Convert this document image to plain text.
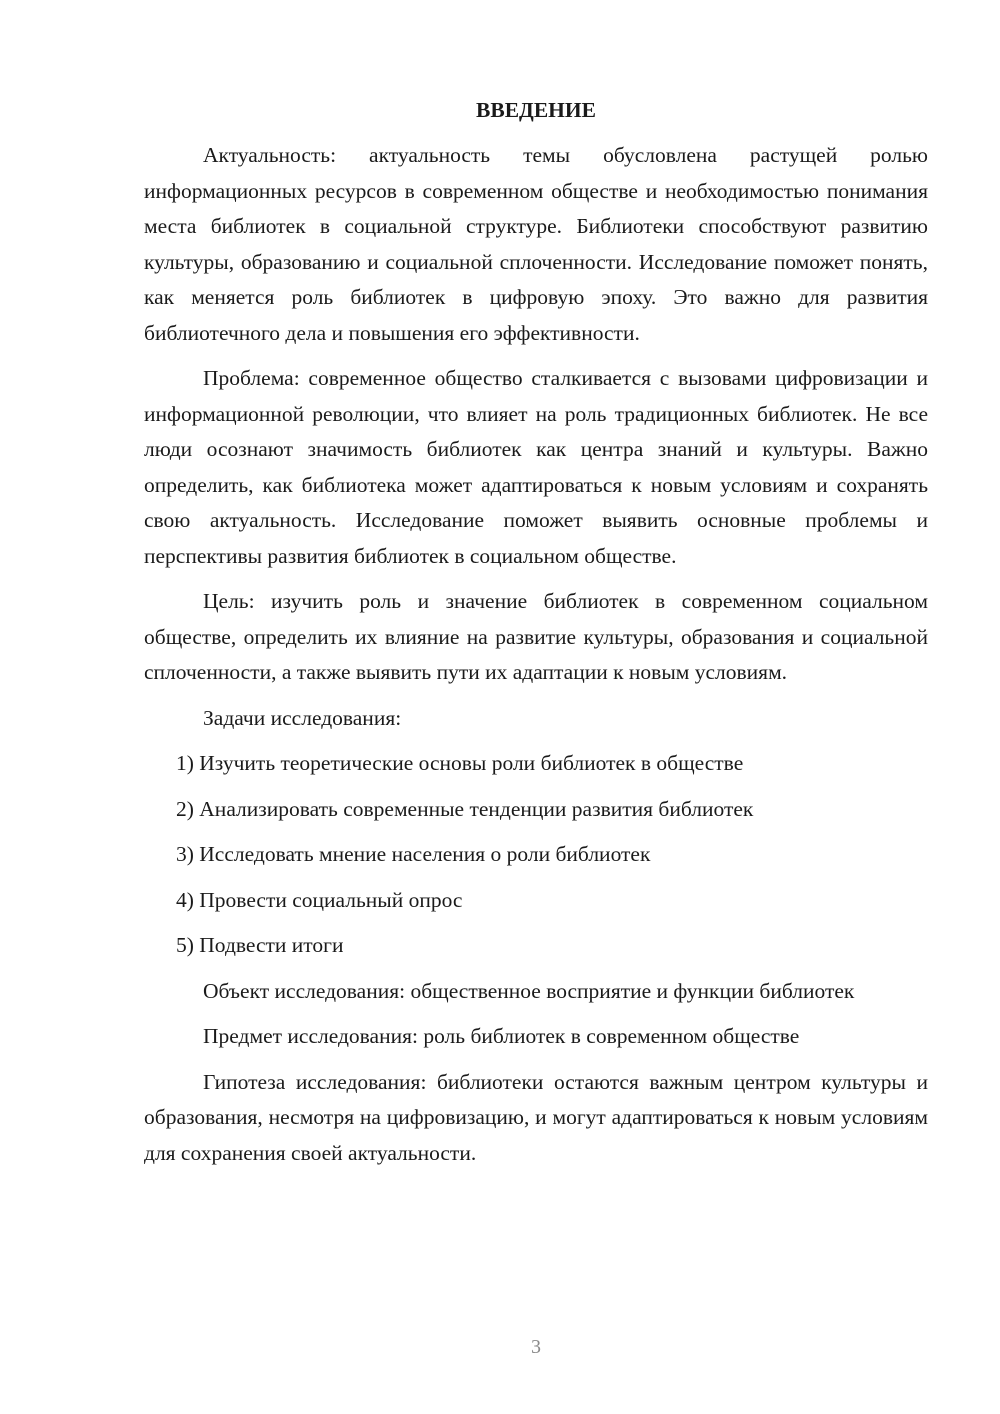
ВВЕДЕНИЕ

Актуальность: актуальность темы обусловлена растущей ролью информационных ресурсов в современном обществе и необходимостью понимания места библиотек в социальной структуре. Библиотеки способствуют развитию культуры, образованию и социальной сплоченности. Исследование поможет понять, как меняется роль библиотек в цифровую эпоху. Это важно для развития библиотечного дела и повышения его эффективности.

Проблема: современное общество сталкивается с вызовами цифровизации и информационной революции, что влияет на роль традиционных библиотек. Не все люди осознают значимость библиотек как центра знаний и культуры. Важно определить, как библиотека может адаптироваться к новым условиям и сохранять свою актуальность. Исследование поможет выявить основные проблемы и перспективы развития библиотек в социальном обществе.

Цель: изучить роль и значение библиотек в современном социальном обществе, определить их влияние на развитие культуры, образования и социальной сплоченности, а также выявить пути их адаптации к новым условиям.

Задачи исследования:

1) Изучить теоретические основы роли библиотек в обществе
2) Анализировать современные тенденции развития библиотек
3) Исследовать мнение населения о роли библиотек
4) Провести социальный опрос
5) Подвести итоги

Объект исследования: общественное восприятие и функции библиотек

Предмет исследования: роль библиотек в современном обществе

Гипотеза исследования: библиотеки остаются важным центром культуры и образования, несмотря на цифровизацию, и могут адаптироваться к новым условиям для сохранения своей актуальности.

3
